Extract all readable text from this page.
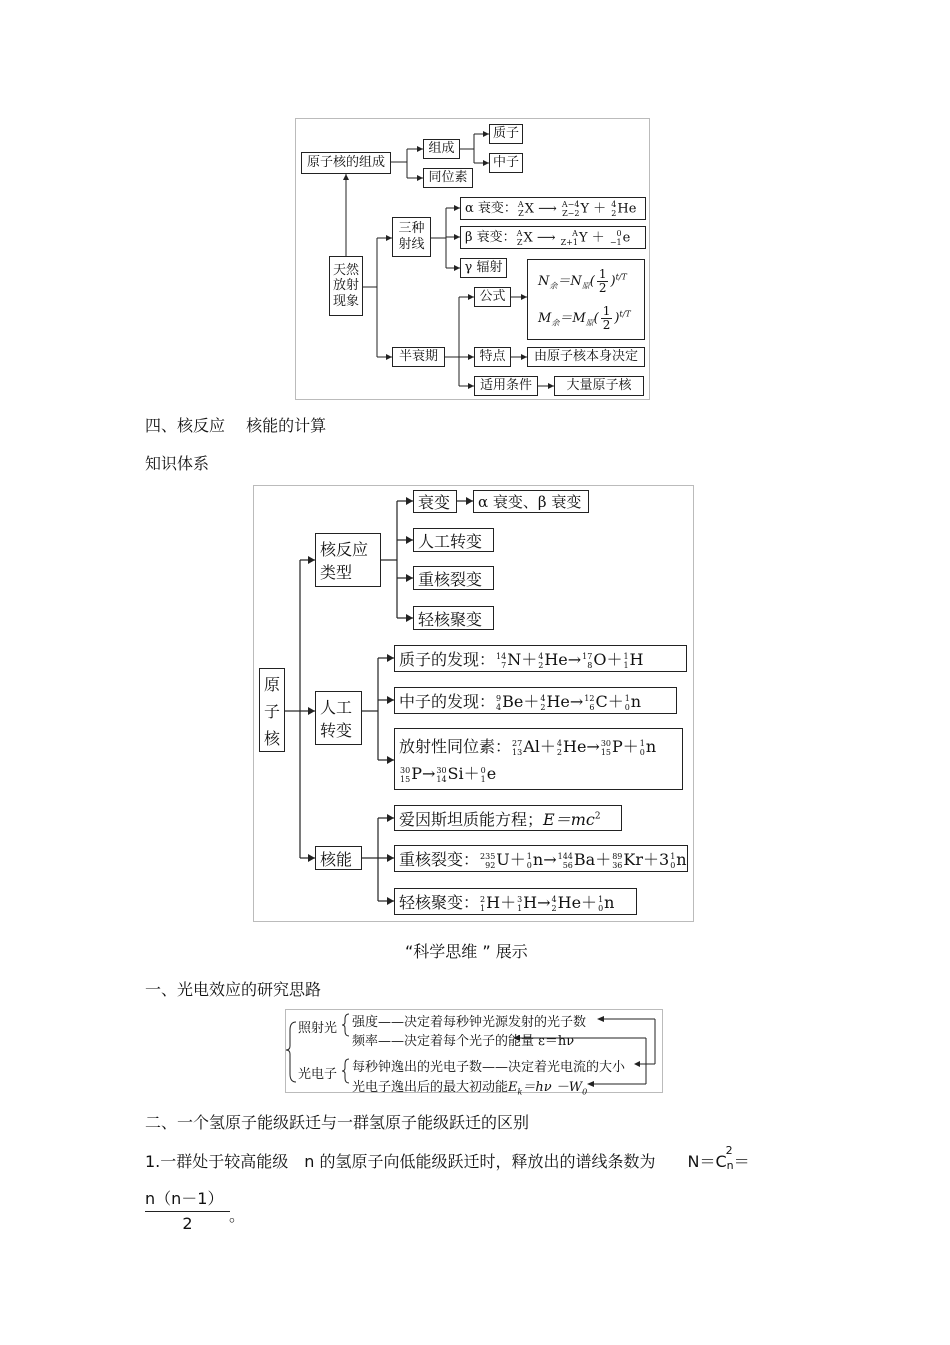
原子核的组成
组成
质子
中子
同位素
天然
放射
现象
三种
射线
α 衰变： A
Z X ⟶ A−4
Z−2 Y ＋ 4
2 He
β 衰变： A
Z X ⟶	A
Z+1 Y ＋ 0
−1 e
γ 辐射
半衰期
公式
特点
适用条件
由原子核本身决定
大量原子核
$N_余=N_原( \frac{1}{2} )^{t/T}$
$M_余=M_原( \frac{1}{2} )^{t/T}$
四、核反应　 核能的计算
知识体系
原
子
核
核反应
类型
衰变	α 衰变、β 衰变
人工转变
重核裂变
轻核聚变
人工
转变
质子的发现： 14
7 N＋ 4
2 He→ 17
8 O＋ 1
1 H
中子的发现： 9
4 Be＋ 4
2 He→ 12
6 C＋ 1
0 n
放射性同位素： 27
13 Al＋ 4
2 He→ 30
15 P＋ 1
0 n
30
15 P→ 30
14 Si＋ 0
1 e
核能
爱因斯坦质能方程； $E=mc^2$
重核裂变： 235
92 U＋ 1
0 n→ 144
56 Ba＋ 89
36 Kr＋3 1
0 n
轻核聚变： 2
1 H＋ 3
1 H→ 4
2 He＋ 1
0 n
“科学思维 ” 展示
一、光电效应的研究思路
照射光 强度——决定着每秒钟光源发射的光子数
频率——决定着每个光子的能量 ε＝hν
光电子 每秒钟逸出的光电子数——决定着光电流的大小
光电子逸出后的最大初动能$E_k=h\nu -W_0$
二、一个氢原子能级跃迁与一群氢原子能级跃迁的区别
1.一群处于较高能级　n 的氢原子向低能级跃迁时，释放出的谱线条数为　　N＝C
2
n＝
$\frac{n(n-1)}{2}$ 。
